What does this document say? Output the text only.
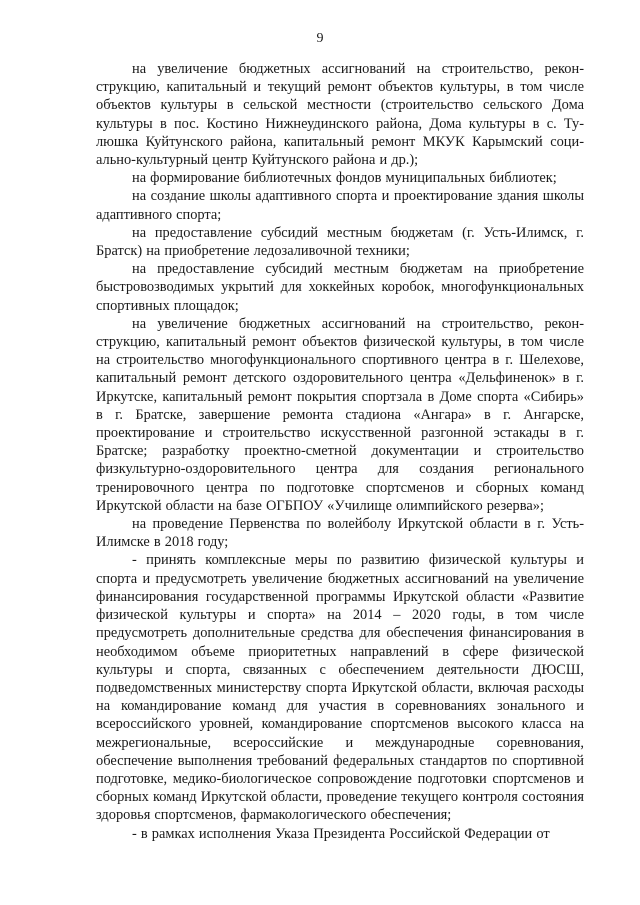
9

на увеличение бюджетных ассигнований на строительство, реконструкцию, капитальный и текущий ремонт объектов культуры, в том числе объектов культуры в сельской местности (строительство сельского Дома культуры в пос. Костино Нижнеудинского района, Дома культуры в с. Тулюшка Куйтунского района, капитальный ремонт МКУК Карымский социально-культурный центр Куйтунского района и др.);

на формирование библиотечных фондов муниципальных библиотек;

на создание школы адаптивного спорта и проектирование здания школы адаптивного спорта;

на предоставление субсидий местным бюджетам (г. Усть-Илимск, г. Братск) на приобретение ледозаливочной техники;

на предоставление субсидий местным бюджетам на приобретение быстровозводимых укрытий для хоккейных коробок, многофункциональных спортивных площадок;

на увеличение бюджетных ассигнований на строительство, реконструкцию, капитальный ремонт объектов физической культуры, в том числе на строительство многофункционального спортивного центра в г. Шелехове, капитальный ремонт детского оздоровительного центра «Дельфиненок» в г. Иркутске, капитальный ремонт покрытия спортзала в Доме спорта «Сибирь» в г. Братске, завершение ремонта стадиона «Ангара» в г. Ангарске, проектирование и строительство искусственной разгонной эстакады в г. Братске; разработку проектно-сметной документации и строительство физкультурно-оздоровительного центра для создания регионального тренировочного центра по подготовке спортсменов и сборных команд Иркутской области на базе ОГБПОУ «Училище олимпийского резерва»;

на проведение Первенства по волейболу Иркутской области в г. Усть-Илимске в 2018 году;

- принять комплексные меры по развитию физической культуры и спорта и предусмотреть увеличение бюджетных ассигнований на увеличение финансирования государственной программы Иркутской области «Развитие физической культуры и спорта» на 2014 – 2020 годы, в том числе предусмотреть дополнительные средства для обеспечения финансирования в необходимом объеме приоритетных направлений в сфере физической культуры и спорта, связанных с обеспечением деятельности ДЮСШ, подведомственных министерству спорта Иркутской области, включая расходы на командирование команд для участия в соревнованиях зонального и всероссийского уровней, командирование спортсменов высокого класса на межрегиональные, всероссийские и международные соревнования, обеспечение выполнения требований федеральных стандартов по спортивной подготовке, медико-биологическое сопровождение подготовки спортсменов и сборных команд Иркутской области, проведение текущего контроля состояния здоровья спортсменов, фармакологического обеспечения;

- в рамках исполнения Указа Президента Российской Федерации от
